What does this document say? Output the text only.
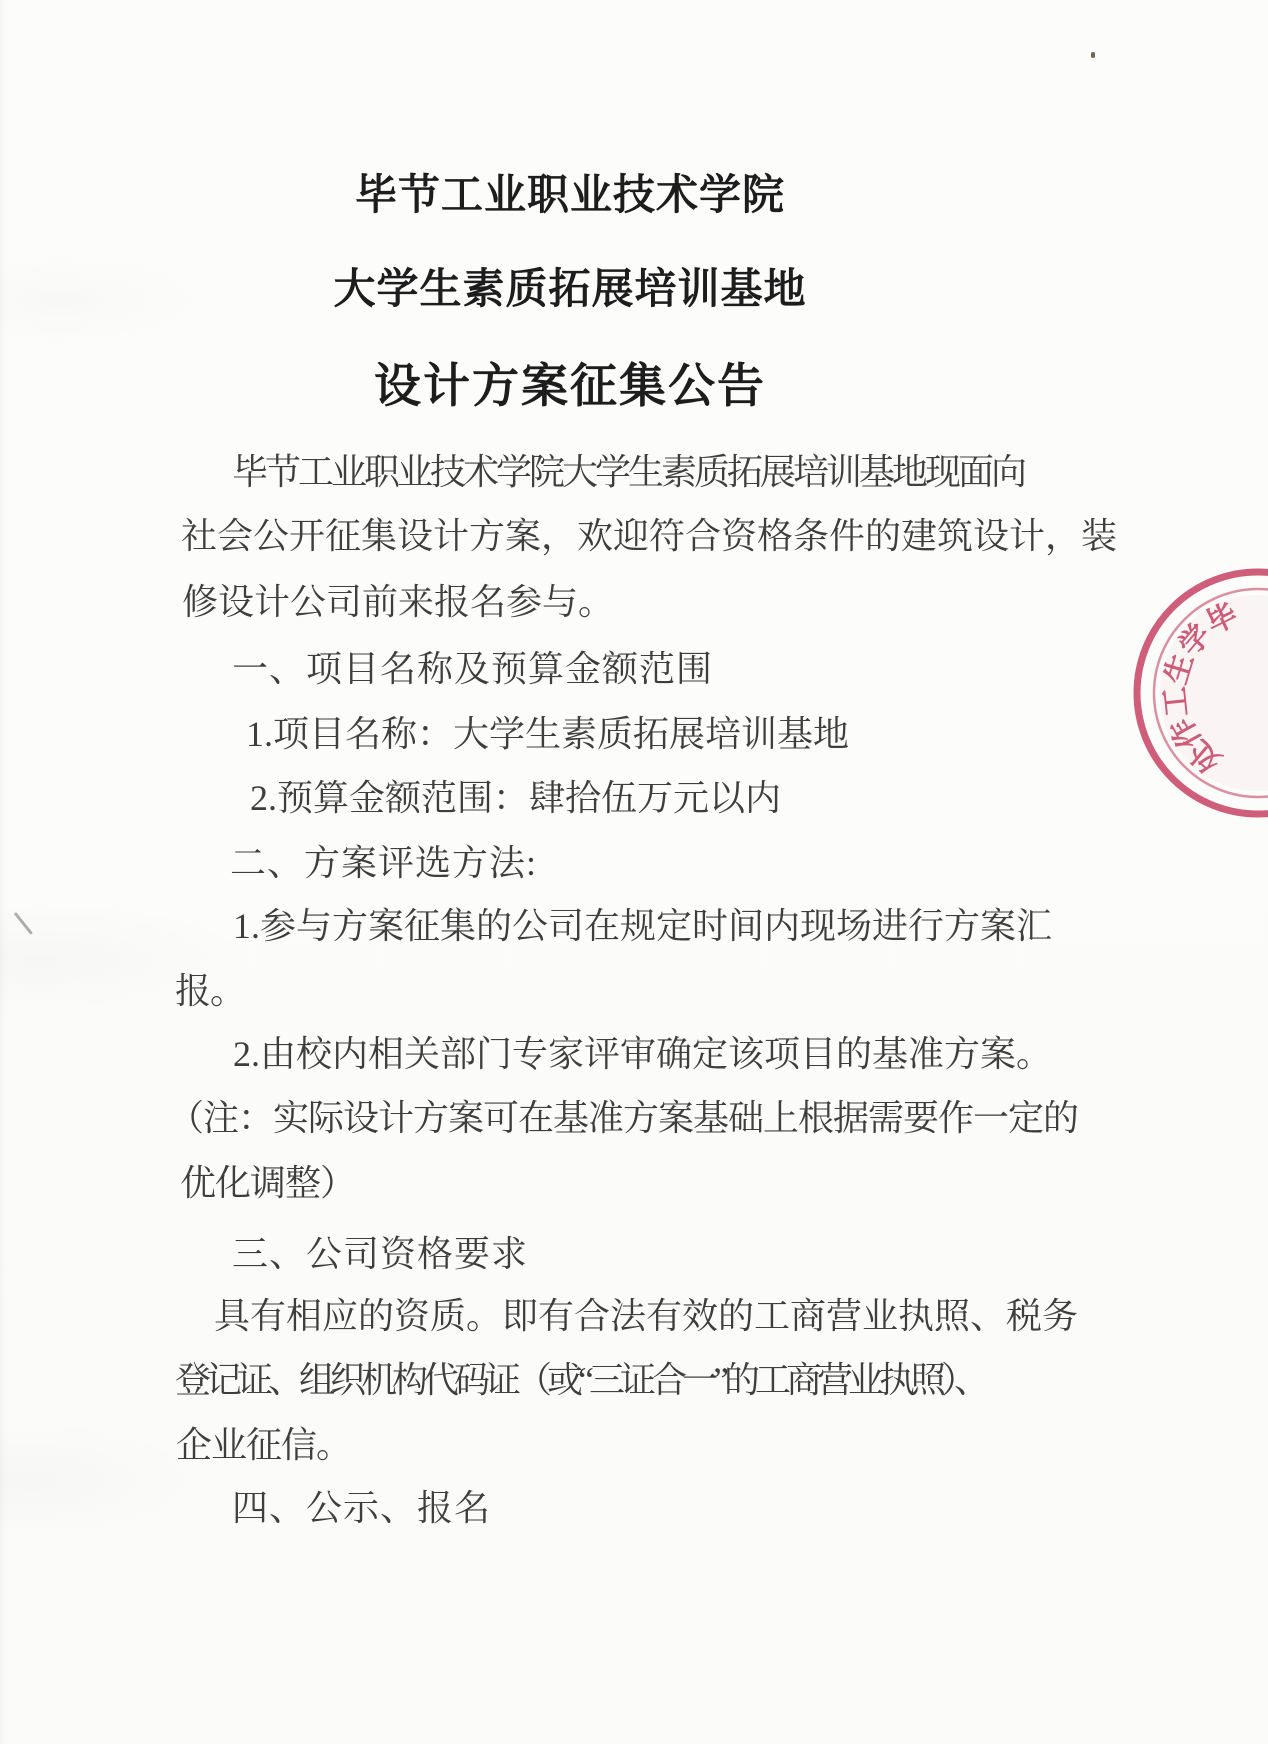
毕节工业职业技术学院
大学生素质拓展培训基地
设计方案征集公告
毕节工业职业技术学院大学生素质拓展培训基地现面向
社会公开征集设计方案，欢迎符合资格条件的建筑设计，装
修设计公司前来报名参与。
一、项目名称及预算金额范围
1.项目名称：大学生素质拓展培训基地
2.预算金额范围：肆拾伍万元以内
二、方案评选方法:
1.参与方案征集的公司在规定时间内现场进行方案汇
报。
2.由校内相关部门专家评审确定该项目的基准方案。
（注：实际设计方案可在基准方案基础上根据需要作一定的
优化调整）
三、公司资格要求
具有相应的资质。即有合法有效的工商营业执照、税务
登记证、组织机构代码证（或“三证合一”的工商营业执照）、
企业征信。
四、公示、报名
毕
学
生
工
作
处
